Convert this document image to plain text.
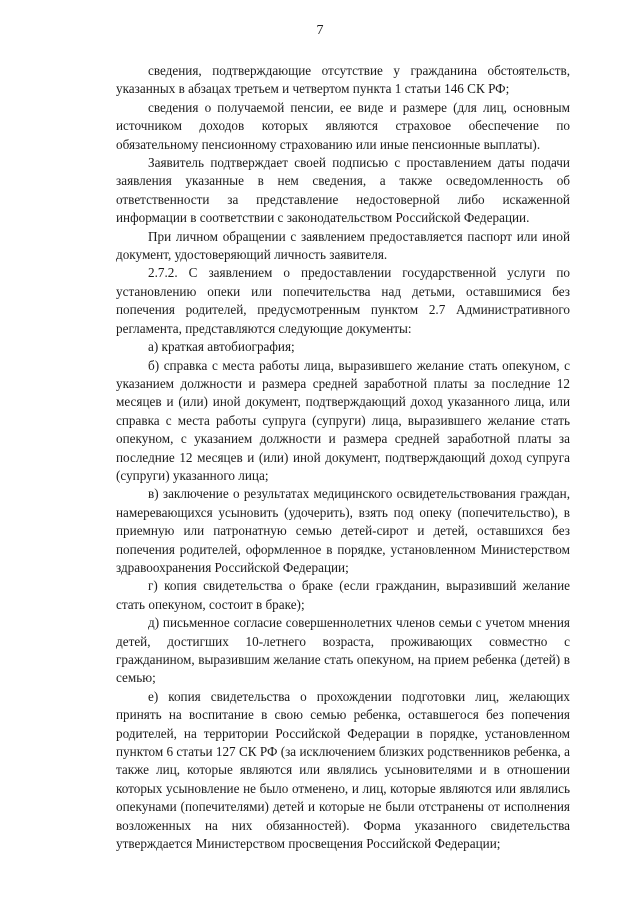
7

сведения, подтверждающие отсутствие у гражданина обстоятельств, указанных в абзацах третьем и четвертом пункта 1 статьи 146 СК РФ;

сведения о получаемой пенсии, ее виде и размере (для лиц, основным источником доходов которых являются страховое обеспечение по обязательному пенсионному страхованию или иные пенсионные выплаты).

Заявитель подтверждает своей подписью с проставлением даты подачи заявления указанные в нем сведения, а также осведомленность об ответственности за представление недостоверной либо искаженной информации в соответствии с законодательством Российской Федерации.

При личном обращении с заявлением предоставляется паспорт или иной документ, удостоверяющий личность заявителя.

2.7.2. С заявлением о предоставлении государственной услуги по установлению опеки или попечительства над детьми, оставшимися без попечения родителей, предусмотренным пунктом 2.7 Административного регламента, представляются следующие документы:

а) краткая автобиография;

б) справка с места работы лица, выразившего желание стать опекуном, с указанием должности и размера средней заработной платы за последние 12 месяцев и (или) иной документ, подтверждающий доход указанного лица, или справка с места работы супруга (супруги) лица, выразившего желание стать опекуном, с указанием должности и размера средней заработной платы за последние 12 месяцев и (или) иной документ, подтверждающий доход супруга (супруги) указанного лица;

в) заключение о результатах медицинского освидетельствования граждан, намеревающихся усыновить (удочерить), взять под опеку (попечительство), в приемную или патронатную семью детей-сирот и детей, оставшихся без попечения родителей, оформленное в порядке, установленном Министерством здравоохранения Российской Федерации;

г) копия свидетельства о браке (если гражданин, выразивший желание стать опекуном, состоит в браке);

д) письменное согласие совершеннолетних членов семьи с учетом мнения детей, достигших 10-летнего возраста, проживающих совместно с гражданином, выразившим желание стать опекуном, на прием ребенка (детей) в семью;

е) копия свидетельства о прохождении подготовки лиц, желающих принять на воспитание в свою семью ребенка, оставшегося без попечения родителей, на территории Российской Федерации в порядке, установленном пунктом 6 статьи 127 СК РФ (за исключением близких родственников ребенка, а также лиц, которые являются или являлись усыновителями и в отношении которых усыновление не было отменено, и лиц, которые являются или являлись опекунами (попечителями) детей и которые не были отстранены от исполнения возложенных на них обязанностей). Форма указанного свидетельства утверждается Министерством просвещения Российской Федерации;
